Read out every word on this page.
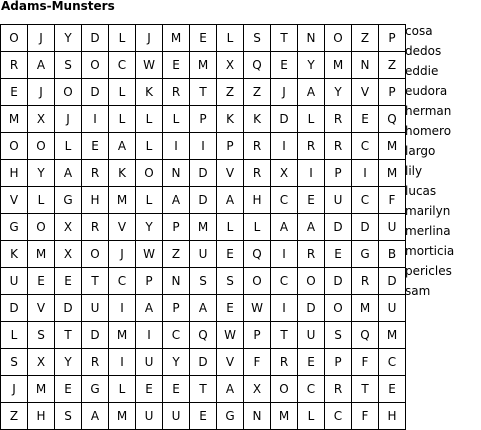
Adams-Munsters
O	J	Y	D	L	J	M	E	L	S	T	N	O	Z	P
R	A	S	O	C	W	E	M	X	Q	E	Y	M	N	Z
E	J	O	D	L	K	R	T	Z	Z	J	A	Y	V	P
M	X	J	I	L	L	L	P	K	K	D	L	R	E	Q
O	O	L	E	A	L	I	I	P	R	I	R	R	C	M
H	Y	A	R	K	O	N	D	V	R	X	I	P	I	M
V	L	G	H	M	L	A	D	A	H	C	E	U	C	F
G	O	X	R	V	Y	P	M	L	L	A	A	D	D	U
K	M	X	O	J	W	Z	U	E	Q	I	R	E	G	B
U	E	E	T	C	P	N	S	S	O	C	O	D	R	D
D	V	D	U	I	A	P	A	E	W	I	D	O	M	U
L	S	T	D	M	I	C	Q	W	P	T	U	S	Q	M
S	X	Y	R	I	U	Y	D	V	F	R	E	P	F	C
J	M	E	G	L	E	E	T	A	X	O	C	R	T	E
Z	H	S	A	M	U	U	E	G	N	M	L	C	F	H
cosa
dedos
eddie
eudora
herman
homero
largo
lily
lucas
marilyn
merlina
morticia
pericles
sam
